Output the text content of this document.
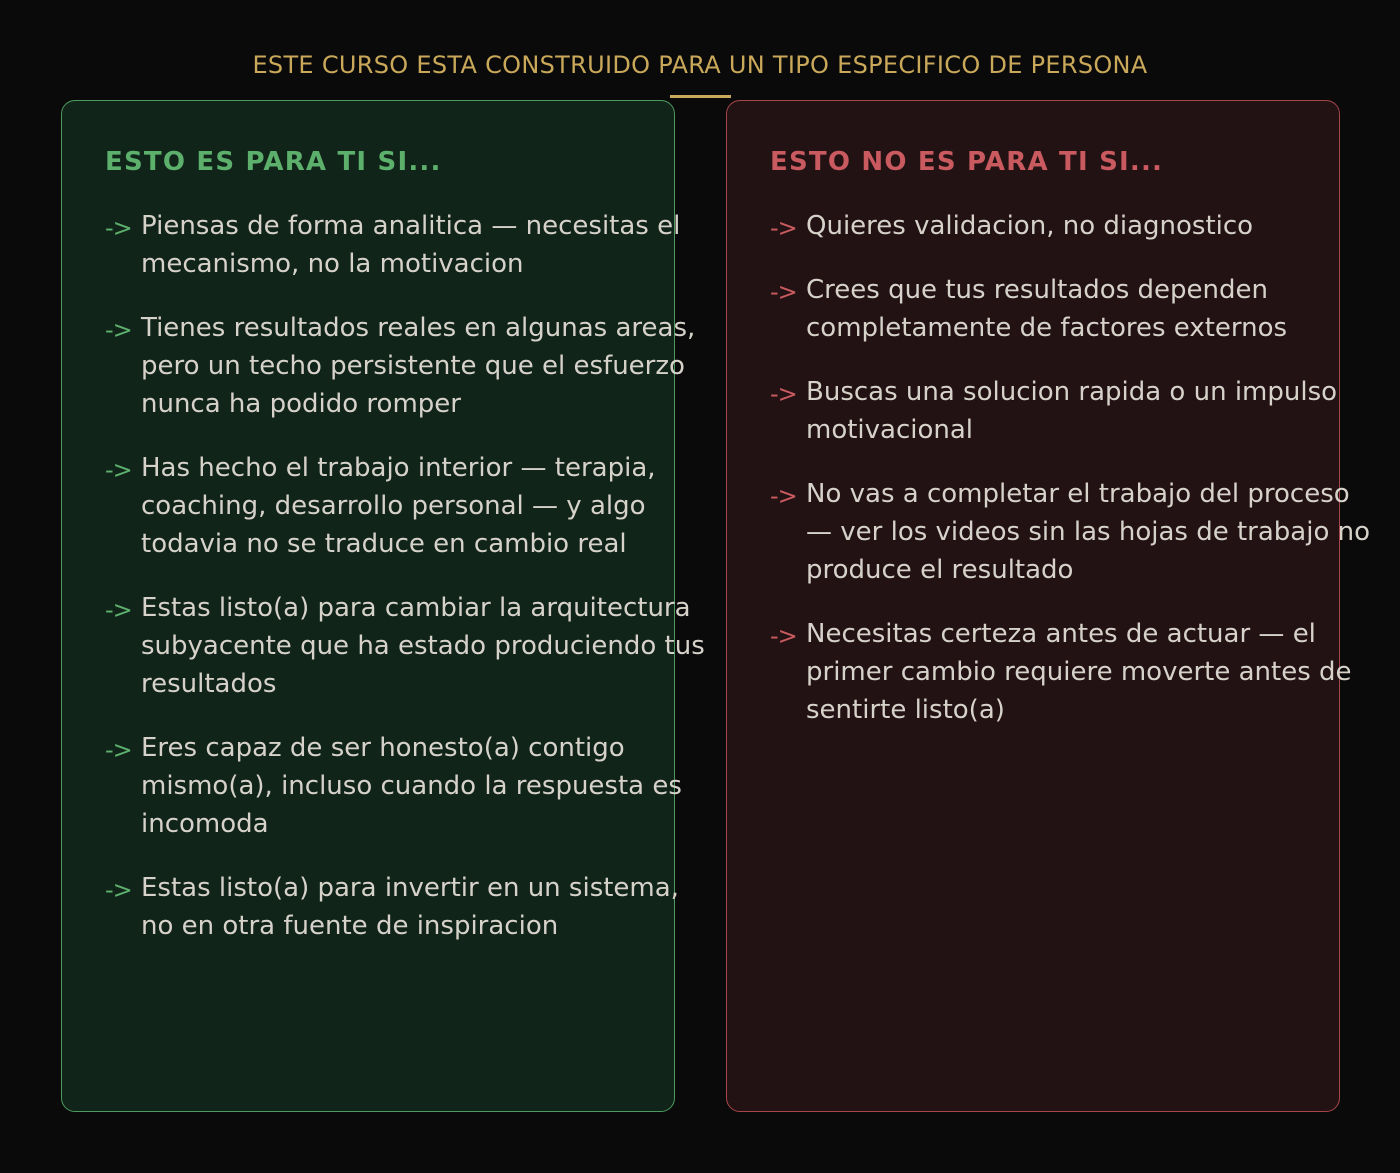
ESTE CURSO ESTA CONSTRUIDO PARA UN TIPO ESPECIFICO DE PERSONA
ESTO ES PARA TI SI...
-> Piensas de forma analitica — necesitas el mecanismo, no la motivacion
-> Tienes resultados reales en algunas areas, pero un techo persistente que el esfuerzo nunca ha podido romper
-> Has hecho el trabajo interior — terapia, coaching, desarrollo personal — y algo todavia no se traduce en cambio real
-> Estas listo(a) para cambiar la arquitectura subyacente que ha estado produciendo tus resultados
-> Eres capaz de ser honesto(a) contigo mismo(a), incluso cuando la respuesta es incomoda
-> Estas listo(a) para invertir en un sistema, no en otra fuente de inspiracion
ESTO NO ES PARA TI SI...
-> Quieres validacion, no diagnostico
-> Crees que tus resultados dependen completamente de factores externos
-> Buscas una solucion rapida o un impulso motivacional
-> No vas a completar el trabajo del proceso — ver los videos sin las hojas de trabajo no produce el resultado
-> Necesitas certeza antes de actuar — el primer cambio requiere moverte antes de sentirte listo(a)
